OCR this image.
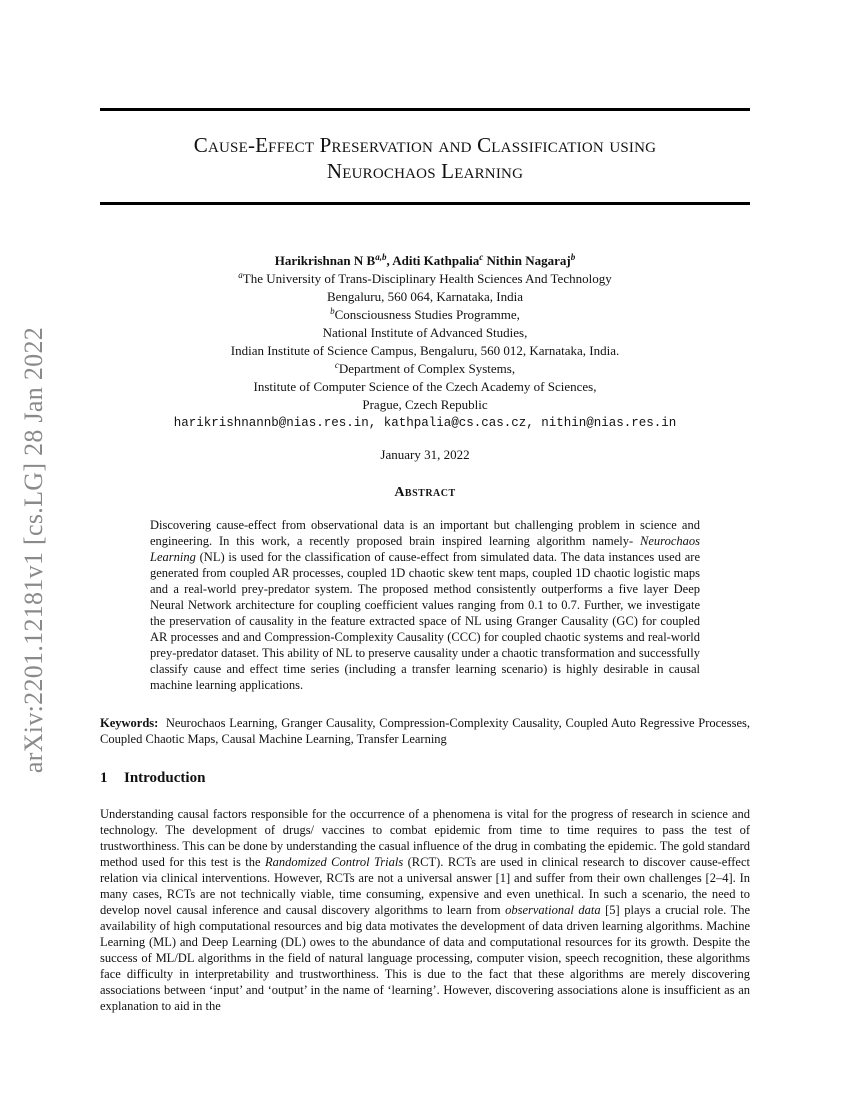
arXiv:2201.12181v1 [cs.LG] 28 Jan 2022
Cause-Effect Preservation and Classification using
Neurochaos Learning
Harikrishnan N B$^{a,b}$, Aditi Kathpalia$^c$ Nithin Nagaraj$^b$
$^a$The University of Trans-Disciplinary Health Sciences And Technology
Bengaluru, 560 064, Karnataka, India
$^b$Consciousness Studies Programme,
National Institute of Advanced Studies,
Indian Institute of Science Campus, Bengaluru, 560 012, Karnataka, India.
$^c$Department of Complex Systems,
Institute of Computer Science of the Czech Academy of Sciences,
Prague, Czech Republic
harikrishnannb@nias.res.in, kathpalia@cs.cas.cz, nithin@nias.res.in
January 31, 2022
Abstract
Discovering cause-effect from observational data is an important but challenging problem in science and engineering. In this work, a recently proposed brain inspired learning algorithm namely- Neurochaos Learning (NL) is used for the classification of cause-effect from simulated data. The data instances used are generated from coupled AR processes, coupled 1D chaotic skew tent maps, coupled 1D chaotic logistic maps and a real-world prey-predator system. The proposed method consistently outperforms a five layer Deep Neural Network architecture for coupling coefficient values ranging from 0.1 to 0.7. Further, we investigate the preservation of causality in the feature extracted space of NL using Granger Causality (GC) for coupled AR processes and and Compression-Complexity Causality (CCC) for coupled chaotic systems and real-world prey-predator dataset. This ability of NL to preserve causality under a chaotic transformation and successfully classify cause and effect time series (including a transfer learning scenario) is highly desirable in causal machine learning applications.
Keywords: Neurochaos Learning, Granger Causality, Compression-Complexity Causality, Coupled Auto Regressive Processes, Coupled Chaotic Maps, Causal Machine Learning, Transfer Learning
1 Introduction
Understanding causal factors responsible for the occurrence of a phenomena is vital for the progress of research in science and technology. The development of drugs/ vaccines to combat epidemic from time to time requires to pass the test of trustworthiness. This can be done by understanding the casual influence of the drug in combating the epidemic. The gold standard method used for this test is the Randomized Control Trials (RCT). RCTs are used in clinical research to discover cause-effect relation via clinical interventions. However, RCTs are not a universal answer [1] and suffer from their own challenges [2–4]. In many cases, RCTs are not technically viable, time consuming, expensive and even unethical. In such a scenario, the need to develop novel causal inference and causal discovery algorithms to learn from observational data [5] plays a crucial role. The availability of high computational resources and big data motivates the development of data driven learning algorithms. Machine Learning (ML) and Deep Learning (DL) owes to the abundance of data and computational resources for its growth. Despite the success of ML/DL algorithms in the field of natural language processing, computer vision, speech recognition, these algorithms face difficulty in interpretability and trustworthiness. This is due to the fact that these algorithms are merely discovering associations between ‘input’ and ‘output’ in the name of ‘learning’. However, discovering associations alone is insufficient as an explanation to aid in the
